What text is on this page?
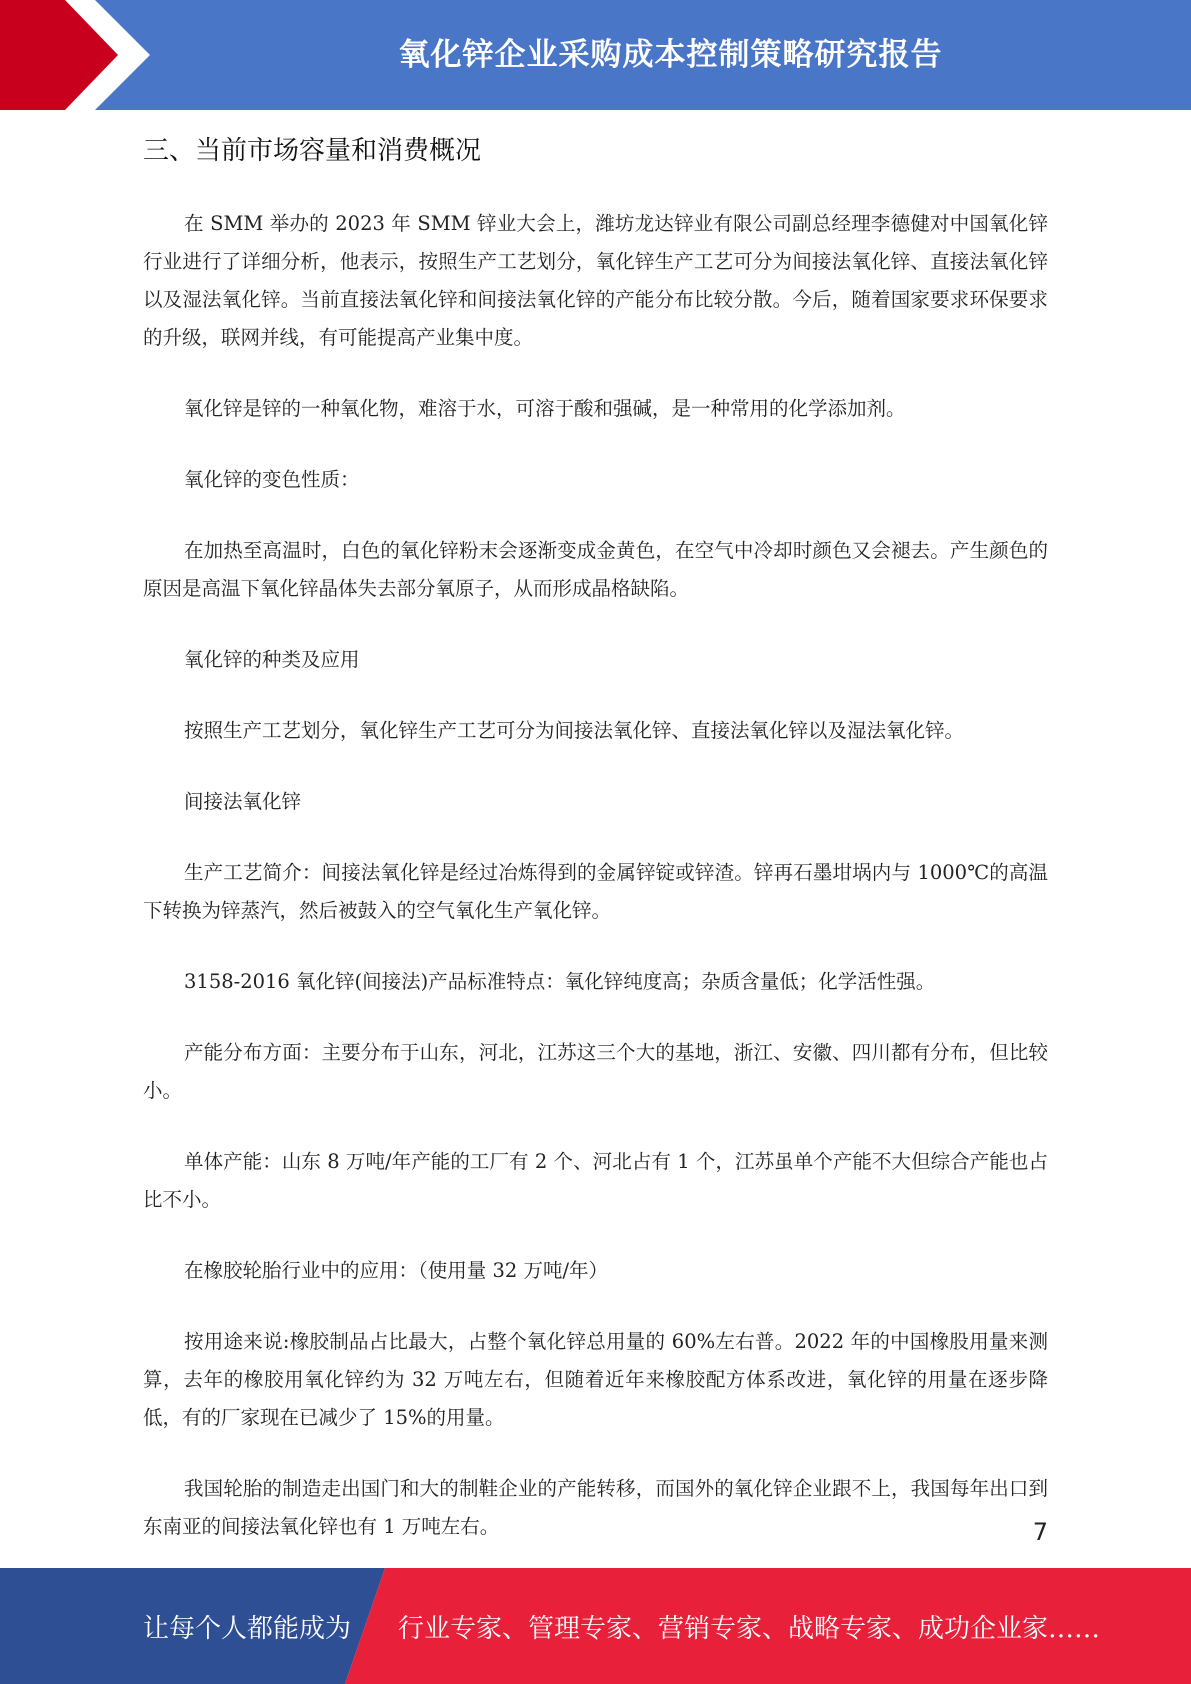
氧化锌企业采购成本控制策略研究报告
三、当前市场容量和消费概况

在 SMM 举办的 2023 年 SMM 锌业大会上，潍坊龙达锌业有限公司副总经理李德健对中国氧化锌行业进行了详细分析，他表示，按照生产工艺划分，氧化锌生产工艺可分为间接法氧化锌、直接法氧化锌以及湿法氧化锌。当前直接法氧化锌和间接法氧化锌的产能分布比较分散。今后，随着国家要求环保要求的升级，联网并线，有可能提高产业集中度。

氧化锌是锌的一种氧化物，难溶于水，可溶于酸和强碱，是一种常用的化学添加剂。

氧化锌的变色性质：

在加热至高温时，白色的氧化锌粉末会逐渐变成金黄色，在空气中冷却时颜色又会褪去。产生颜色的原因是高温下氧化锌晶体失去部分氧原子，从而形成晶格缺陷。

氧化锌的种类及应用

按照生产工艺划分，氧化锌生产工艺可分为间接法氧化锌、直接法氧化锌以及湿法氧化锌。

间接法氧化锌

生产工艺简介：间接法氧化锌是经过冶炼得到的金属锌锭或锌渣。锌再石墨坩埚内与 1000℃的高温下转换为锌蒸汽，然后被鼓入的空气氧化生产氧化锌。

3158-2016 氧化锌(间接法)产品标准特点：氧化锌纯度高；杂质含量低；化学活性强。

产能分布方面：主要分布于山东，河北，江苏这三个大的基地，浙江、安徽、四川都有分布，但比较小。

单体产能：山东 8 万吨/年产能的工厂有 2 个、河北占有 1 个，江苏虽单个产能不大但综合产能也占比不小。

在橡胶轮胎行业中的应用：（使用量 32 万吨/年）

按用途来说:橡胶制品占比最大，占整个氧化锌总用量的 60%左右普。2022 年的中国橡股用量来测算，去年的橡胶用氧化锌约为 32 万吨左右，但随着近年来橡胶配方体系改进，氧化锌的用量在逐步降低，有的厂家现在已减少了 15%的用量。

我国轮胎的制造走出国门和大的制鞋企业的产能转移，而国外的氧化锌企业跟不上，我国每年出口到东南亚的间接法氧化锌也有 1 万吨左右。	7
让每个人都能成为 行业专家、管理专家、营销专家、战略专家、成功企业家……
